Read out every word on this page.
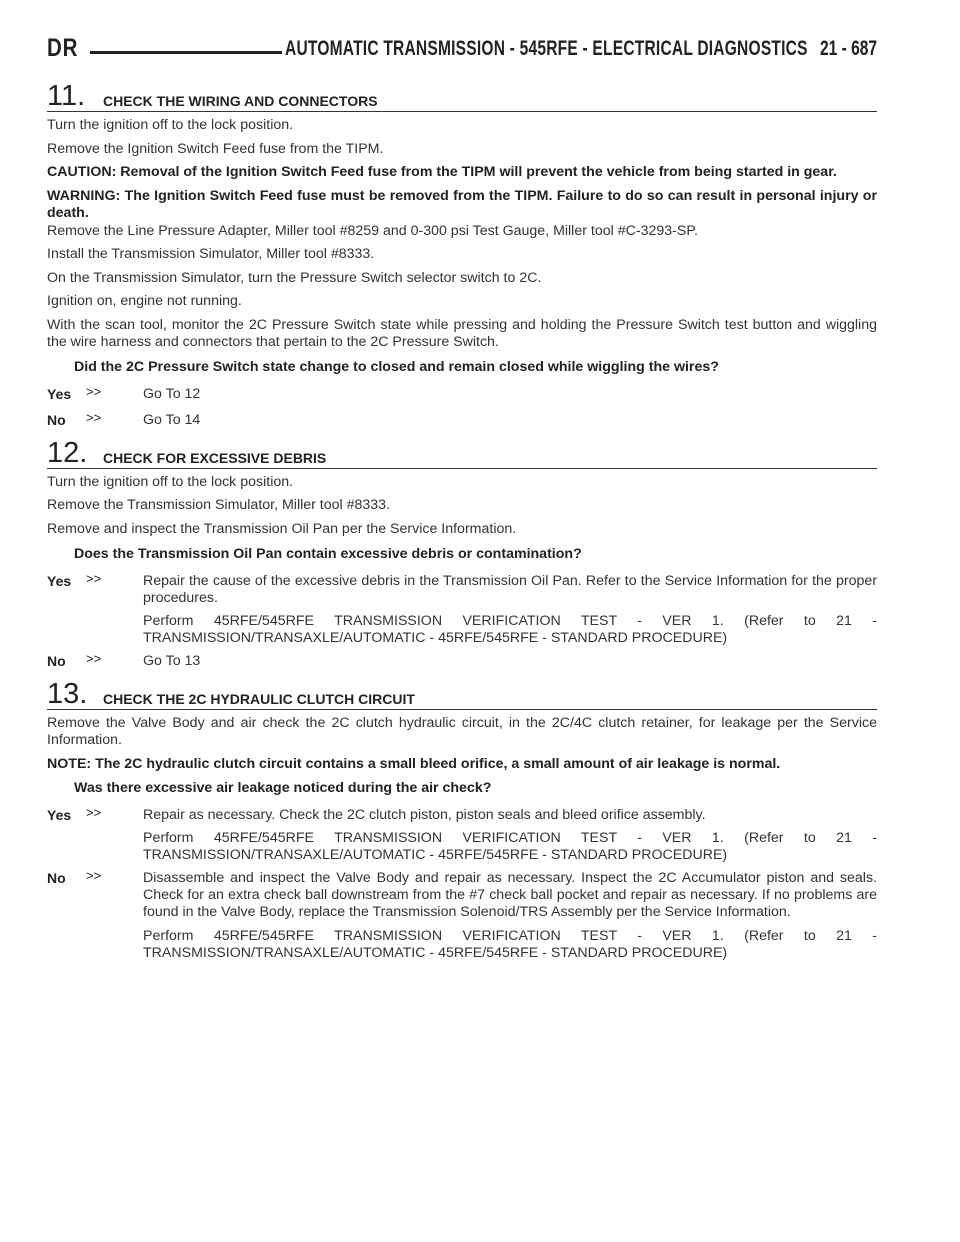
DR	AUTOMATIC TRANSMISSION - 545RFE - ELECTRICAL DIAGNOSTICS 21 - 687
11. CHECK THE WIRING AND CONNECTORS

Turn the ignition off to the lock position.

Remove the Ignition Switch Feed fuse from the TIPM.

CAUTION: Removal of the Ignition Switch Feed fuse from the TIPM will prevent the vehicle from being started in gear.

WARNING: The Ignition Switch Feed fuse must be removed from the TIPM. Failure to do so can result in personal injury or death.

Remove the Line Pressure Adapter, Miller tool #8259 and 0-300 psi Test Gauge, Miller tool #C-3293-SP.

Install the Transmission Simulator, Miller tool #8333.

On the Transmission Simulator, turn the Pressure Switch selector switch to 2C.

Ignition on, engine not running.

With the scan tool, monitor the 2C Pressure Switch state while pressing and holding the Pressure Switch test button and wiggling the wire harness and connectors that pertain to the 2C Pressure Switch.

Did the 2C Pressure Switch state change to closed and remain closed while wiggling the wires?

Yes >>	Go To 12

No >>	Go To 14

12. CHECK FOR EXCESSIVE DEBRIS

Turn the ignition off to the lock position.

Remove the Transmission Simulator, Miller tool #8333.

Remove and inspect the Transmission Oil Pan per the Service Information.

Does the Transmission Oil Pan contain excessive debris or contamination?

Yes >>	Repair the cause of the excessive debris in the Transmission Oil Pan. Refer to the Service Information for the proper procedures.

Perform 45RFE/545RFE TRANSMISSION VERIFICATION TEST - VER 1. (Refer to 21 - TRANSMISSION/TRANSAXLE/AUTOMATIC - 45RFE/545RFE - STANDARD PROCEDURE)

No >>	Go To 13

13. CHECK THE 2C HYDRAULIC CLUTCH CIRCUIT

Remove the Valve Body and air check the 2C clutch hydraulic circuit, in the 2C/4C clutch retainer, for leakage per the Service Information.

NOTE: The 2C hydraulic clutch circuit contains a small bleed orifice, a small amount of air leakage is normal.

Was there excessive air leakage noticed during the air check?

Yes >>	Repair as necessary. Check the 2C clutch piston, piston seals and bleed orifice assembly.

Perform 45RFE/545RFE TRANSMISSION VERIFICATION TEST - VER 1. (Refer to 21 - TRANSMISSION/TRANSAXLE/AUTOMATIC - 45RFE/545RFE - STANDARD PROCEDURE)

No >>	Disassemble and inspect the Valve Body and repair as necessary. Inspect the 2C Accumulator piston and seals. Check for an extra check ball downstream from the #7 check ball pocket and repair as necessary. If no problems are found in the Valve Body, replace the Transmission Solenoid/TRS Assembly per the Service Information.

Perform 45RFE/545RFE TRANSMISSION VERIFICATION TEST - VER 1. (Refer to 21 - TRANSMISSION/TRANSAXLE/AUTOMATIC - 45RFE/545RFE - STANDARD PROCEDURE)
